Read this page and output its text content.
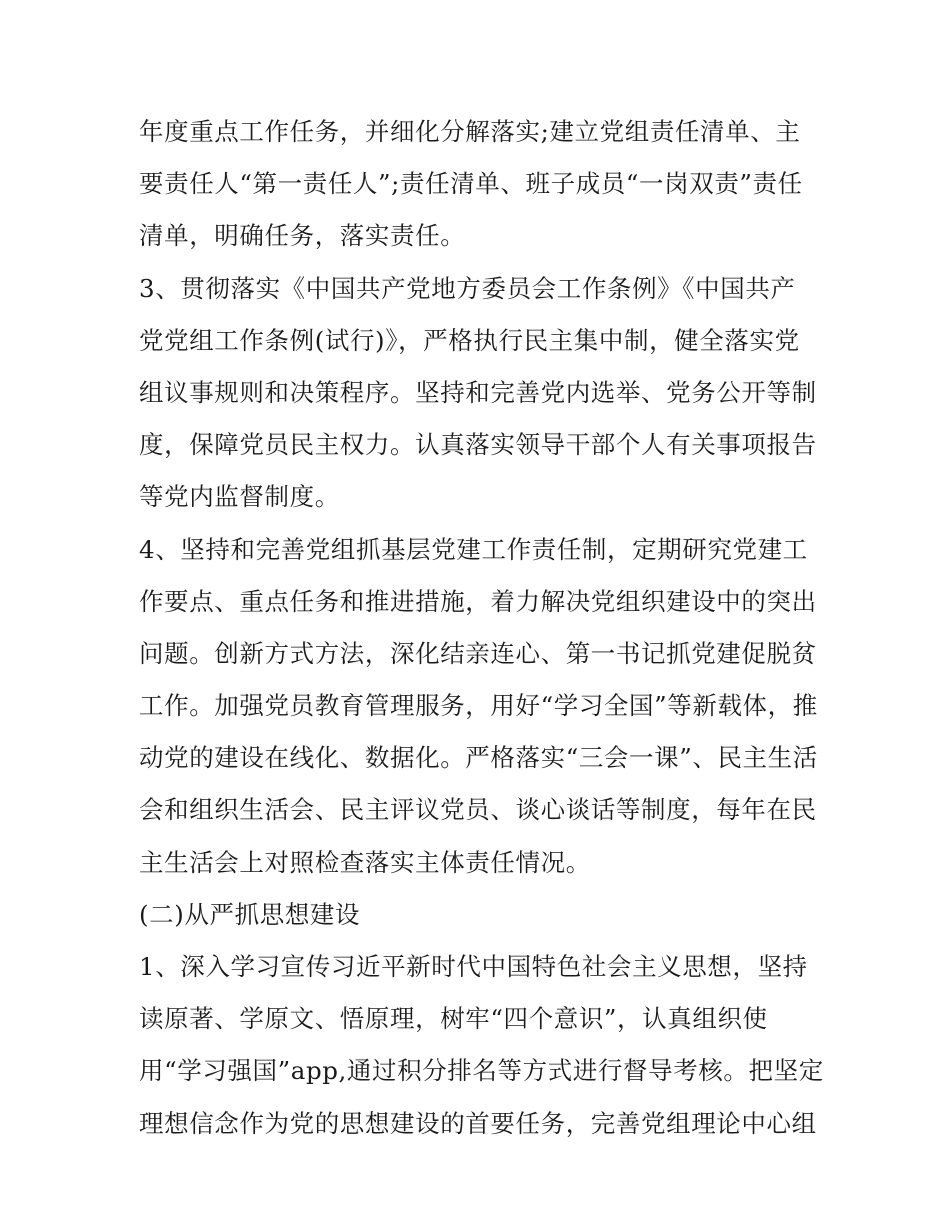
年度重点工作任务，并细化分解落实;建立党组责任清单、主
要责任人“第一责任人”;责任清单、班子成员“一岗双责”责任
清单，明确任务，落实责任。
3、贯彻落实《中国共产党地方委员会工作条例》《中国共产
党党组工作条例(试行)》，严格执行民主集中制，健全落实党
组议事规则和决策程序。坚持和完善党内选举、党务公开等制
度，保障党员民主权力。认真落实领导干部个人有关事项报告
等党内监督制度。
4、坚持和完善党组抓基层党建工作责任制，定期研究党建工
作要点、重点任务和推进措施，着力解决党组织建设中的突出
问题。创新方式方法，深化结亲连心、第一书记抓党建促脱贫
工作。加强党员教育管理服务，用好“学习全国”等新载体，推
动党的建设在线化、数据化。严格落实“三会一课”、民主生活
会和组织生活会、民主评议党员、谈心谈话等制度，每年在民
主生活会上对照检查落实主体责任情况。
(二)从严抓思想建设
1、深入学习宣传习近平新时代中国特色社会主义思想，坚持
读原著、学原文、悟原理，树牢“四个意识”，认真组织使
用“学习强国”app,通过积分排名等方式进行督导考核。把坚定
理想信念作为党的思想建设的首要任务，完善党组理论中心组
